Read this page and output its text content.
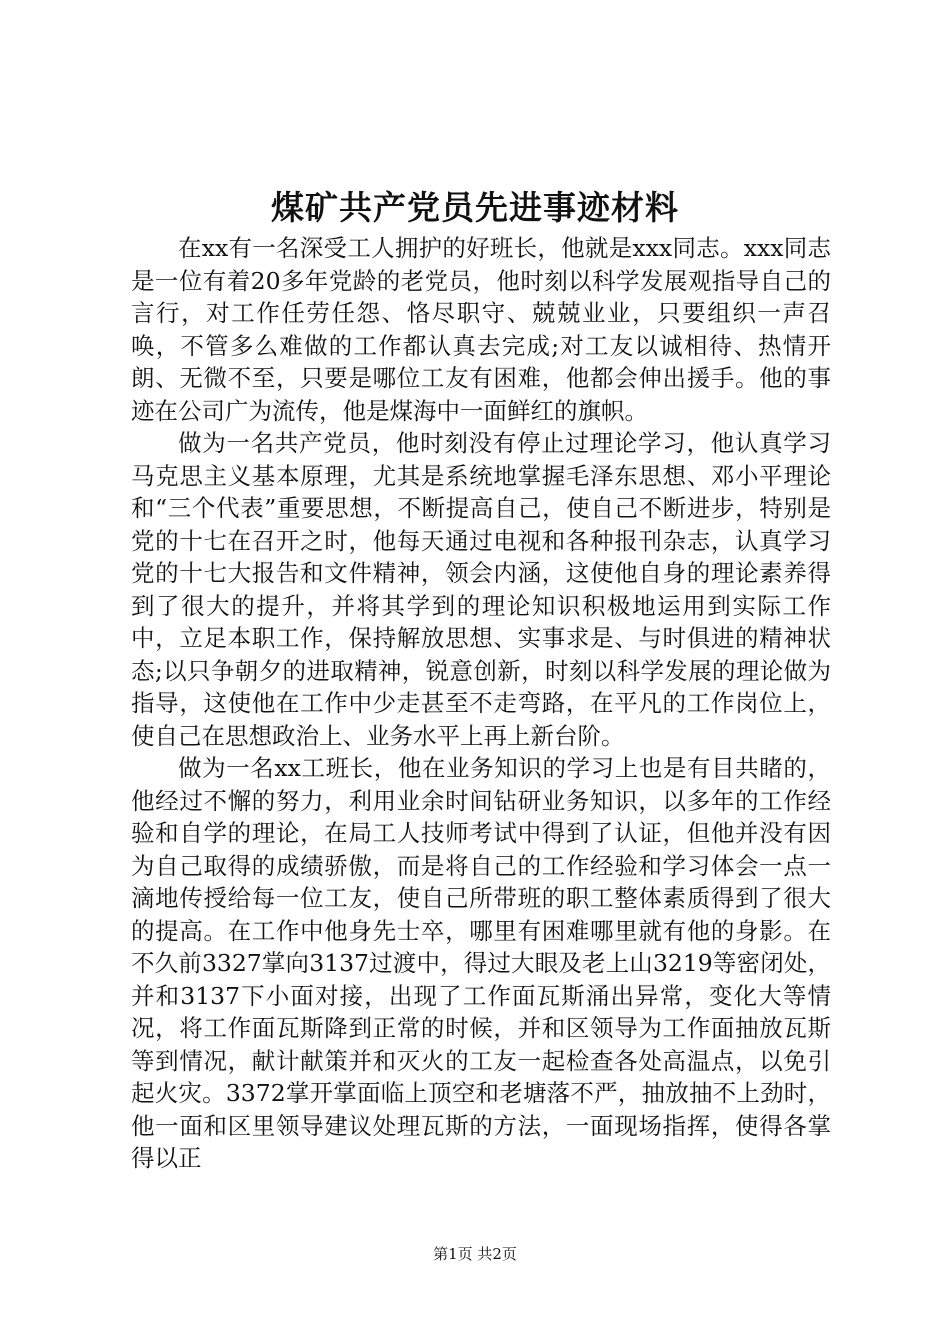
煤矿共产党员先进事迹材料

在xx有一名深受工人拥护的好班长，他就是xxx同志。xxx同志是一位有着20多年党龄的老党员，他时刻以科学发展观指导自己的言行，对工作任劳任怨、恪尽职守、兢兢业业，只要组织一声召唤，不管多么难做的工作都认真去完成;对工友以诚相待、热情开朗、无微不至，只要是哪位工友有困难，他都会伸出援手。他的事迹在公司广为流传，他是煤海中一面鲜红的旗帜。

做为一名共产党员，他时刻没有停止过理论学习，他认真学习马克思主义基本原理，尤其是系统地掌握毛泽东思想、邓小平理论和“三个代表”重要思想，不断提高自己，使自己不断进步，特别是党的十七在召开之时，他每天通过电视和各种报刊杂志，认真学习党的十七大报告和文件精神，领会内涵，这使他自身的理论素养得到了很大的提升，并将其学到的理论知识积极地运用到实际工作中，立足本职工作，保持解放思想、实事求是、与时俱进的精神状态;以只争朝夕的进取精神，锐意创新，时刻以科学发展的理论做为指导，这使他在工作中少走甚至不走弯路，在平凡的工作岗位上，使自己在思想政治上、业务水平上再上新台阶。

做为一名xx工班长，他在业务知识的学习上也是有目共睹的，他经过不懈的努力，利用业余时间钻研业务知识，以多年的工作经验和自学的理论，在局工人技师考试中得到了认证，但他并没有因为自己取得的成绩骄傲，而是将自己的工作经验和学习体会一点一滴地传授给每一位工友，使自己所带班的职工整体素质得到了很大的提高。在工作中他身先士卒，哪里有困难哪里就有他的身影。在不久前3327掌向3137过渡中，得过大眼及老上山3219等密闭处，并和3137下小面对接，出现了工作面瓦斯涌出异常，变化大等情况，将工作面瓦斯降到正常的时候，并和区领导为工作面抽放瓦斯等到情况，献计献策并和灭火的工友一起检查各处高温点，以免引起火灾。3372掌开掌面临上顶空和老塘落不严，抽放抽不上劲时，他一面和区里领导建议处理瓦斯的方法，一面现场指挥，使得各掌得以正

第1页 共2页
